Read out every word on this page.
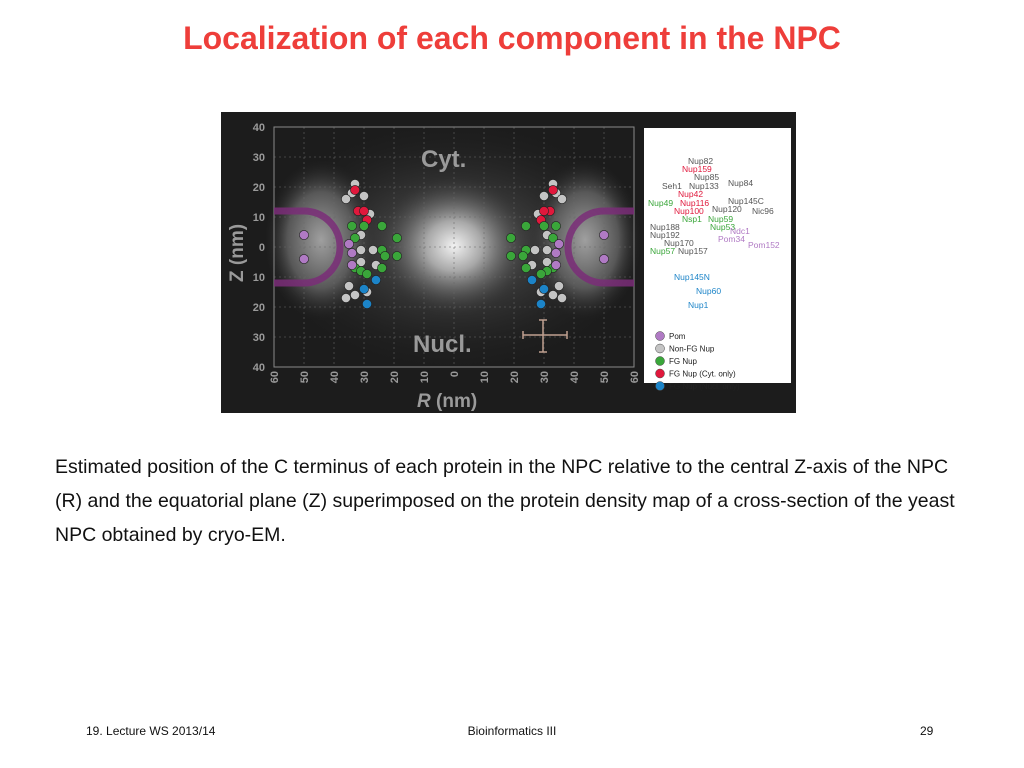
Localization of each component in the NPC
40
30
20
10
0
10
20
30
40
60 50 40 30 20 10 0 10 20 30 40 50 60
Cyt.
Nucl.
Z (nm)
R (nm)
Nup82
Nup159
Nup85
Seh1 Nup133 Nup84
Nup42
Nup49 Nup116 Nup145C
Nup100 Nup120 Nic96
Nsp1 Nup59
Nup188	Nup53
Ndc1
Nup192	Pom34
Nup170	Pom152
Nup57 Nup157
Nup145N
Nup60
Nup1
Pom
Non-FG Nup
FG Nup
FG Nup (Cyt. only)
FG Nup (Nucl. only)

Estimated position of the C terminus of each protein in the NPC relative to the central Z-axis of the NPC (R) and the equatorial plane (Z) superimposed on the protein density map of a cross-section of the yeast NPC obtained by cryo-EM.

19. Lecture WS 2013/14	Bioinformatics III	29
